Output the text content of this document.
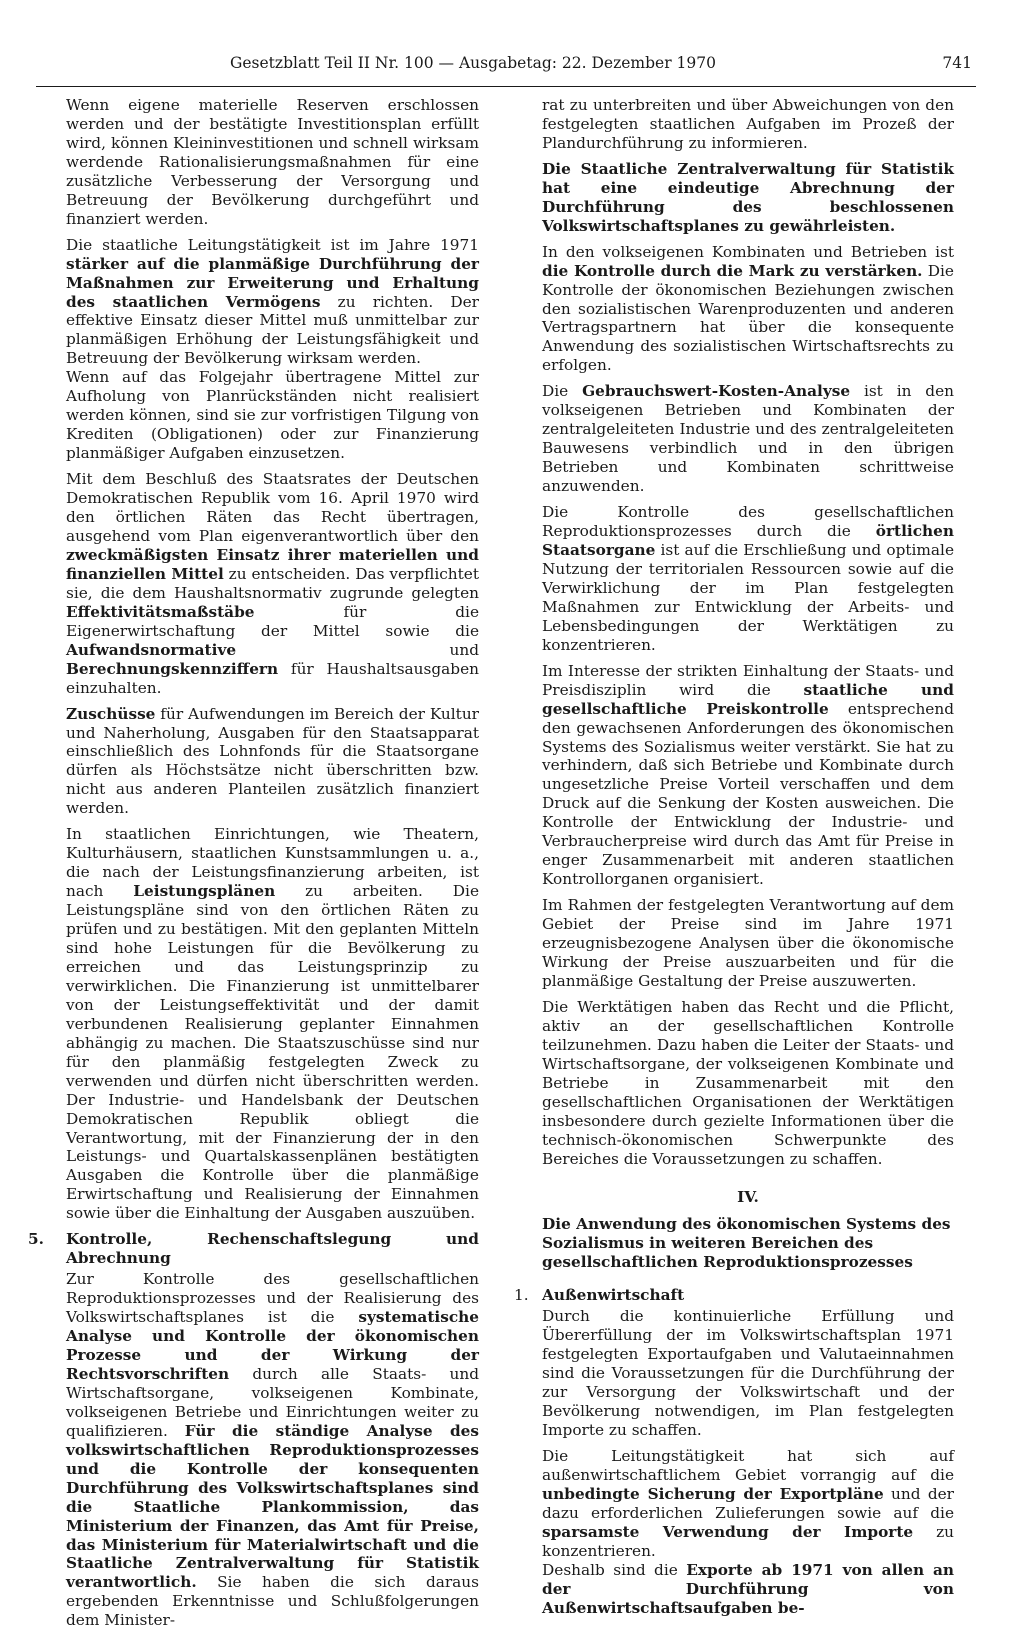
Gesetzblatt Teil II Nr. 100 — Ausgabetag: 22. Dezember 1970	741

Wenn eigene materielle Reserven erschlossen werden und der bestätigte Investitionsplan erfüllt wird, können Kleininvestitionen und schnell wirksam werdende Rationalisierungsmaßnahmen für eine zusätzliche Verbesserung der Versorgung und Betreuung der Bevölkerung durchgeführt und finanziert werden.

Die staatliche Leitungstätigkeit ist im Jahre 1971 stärker auf die planmäßige Durchführung der Maßnahmen zur Erweiterung und Erhaltung des staatlichen Vermögens zu richten. Der effektive Einsatz dieser Mittel muß unmittelbar zur planmäßigen Erhöhung der Leistungsfähigkeit und Betreuung der Bevölkerung wirksam werden.

Wenn auf das Folgejahr übertragene Mittel zur Aufholung von Planrückständen nicht realisiert werden können, sind sie zur vorfristigen Tilgung von Krediten (Obligationen) oder zur Finanzierung planmäßiger Aufgaben einzusetzen.

Mit dem Beschluß des Staatsrates der Deutschen Demokratischen Republik vom 16. April 1970 wird den örtlichen Räten das Recht übertragen, ausgehend vom Plan eigenverantwortlich über den zweckmäßigsten Einsatz ihrer materiellen und finanziellen Mittel zu entscheiden. Das verpflichtet sie, die dem Haushaltsnormativ zugrunde gelegten Effektivitätsmaßstäbe für die Eigenerwirtschaftung der Mittel sowie die Aufwandsnormative und Berechnungskennziffern für Haushaltsausgaben einzuhalten.

Zuschüsse für Aufwendungen im Bereich der Kultur und Naherholung, Ausgaben für den Staatsapparat einschließlich des Lohnfonds für die Staatsorgane dürfen als Höchstsätze nicht überschritten bzw. nicht aus anderen Planteilen zusätzlich finanziert werden.

In staatlichen Einrichtungen, wie Theatern, Kulturhäusern, staatlichen Kunstsammlungen u. a., die nach der Leistungsfinanzierung arbeiten, ist nach Leistungsplänen zu arbeiten. Die Leistungspläne sind von den örtlichen Räten zu prüfen und zu bestätigen. Mit den geplanten Mitteln sind hohe Leistungen für die Bevölkerung zu erreichen und das Leistungsprinzip zu verwirklichen. Die Finanzierung ist unmittelbarer von der Leistungseffektivität und der damit verbundenen Realisierung geplanter Einnahmen abhängig zu machen. Die Staatszuschüsse sind nur für den planmäßig festgelegten Zweck zu verwenden und dürfen nicht überschritten werden. Der Industrie- und Handelsbank der Deutschen Demokratischen Republik obliegt die Verantwortung, mit der Finanzierung der in den Leistungs- und Quartalskassenplänen bestätigten Ausgaben die Kontrolle über die planmäßige Erwirtschaftung und Realisierung der Einnahmen sowie über die Einhaltung der Ausgaben auszuüben.

5. Kontrolle, Rechenschaftslegung und Abrechnung

Zur Kontrolle des gesellschaftlichen Reproduktionsprozesses und der Realisierung des Volkswirtschaftsplanes ist die systematische Analyse und Kontrolle der ökonomischen Prozesse und der Wirkung der Rechtsvorschriften durch alle Staats- und Wirtschaftsorgane, volkseigenen Kombinate, volkseigenen Betriebe und Einrichtungen weiter zu qualifizieren. Für die ständige Analyse des volkswirtschaftlichen Reproduktionsprozesses und die Kontrolle der konsequenten Durchführung des Volkswirtschaftsplanes sind die Staatliche Plankommission, das Ministerium der Finanzen, das Amt für Preise, das Ministerium für Materialwirtschaft und die Staatliche Zentralverwaltung für Statistik verantwortlich. Sie haben die sich daraus ergebenden Erkenntnisse und Schlußfolgerungen dem Minister-

rat zu unterbreiten und über Abweichungen von den festgelegten staatlichen Aufgaben im Prozeß der Plandurchführung zu informieren.

Die Staatliche Zentralverwaltung für Statistik hat eine eindeutige Abrechnung der Durchführung des beschlossenen Volkswirtschaftsplanes zu gewährleisten.

In den volkseigenen Kombinaten und Betrieben ist die Kontrolle durch die Mark zu verstärken. Die Kontrolle der ökonomischen Beziehungen zwischen den sozialistischen Warenproduzenten und anderen Vertragspartnern hat über die konsequente Anwendung des sozialistischen Wirtschaftsrechts zu erfolgen.

Die Gebrauchswert-Kosten-Analyse ist in den volkseigenen Betrieben und Kombinaten der zentralgeleiteten Industrie und des zentralgeleiteten Bauwesens verbindlich und in den übrigen Betrieben und Kombinaten schrittweise anzuwenden.

Die Kontrolle des gesellschaftlichen Reproduktionsprozesses durch die örtlichen Staatsorgane ist auf die Erschließung und optimale Nutzung der territorialen Ressourcen sowie auf die Verwirklichung der im Plan festgelegten Maßnahmen zur Entwicklung der Arbeits- und Lebensbedingungen der Werktätigen zu konzentrieren.

Im Interesse der strikten Einhaltung der Staats- und Preisdisziplin wird die staatliche und gesellschaftliche Preiskontrolle entsprechend den gewachsenen Anforderungen des ökonomischen Systems des Sozialismus weiter verstärkt. Sie hat zu verhindern, daß sich Betriebe und Kombinate durch ungesetzliche Preise Vorteil verschaffen und dem Druck auf die Senkung der Kosten ausweichen. Die Kontrolle der Entwicklung der Industrie- und Verbraucherpreise wird durch das Amt für Preise in enger Zusammenarbeit mit anderen staatlichen Kontrollorganen organisiert.

Im Rahmen der festgelegten Verantwortung auf dem Gebiet der Preise sind im Jahre 1971 erzeugnisbezogene Analysen über die ökonomische Wirkung der Preise auszuarbeiten und für die planmäßige Gestaltung der Preise auszuwerten.

Die Werktätigen haben das Recht und die Pflicht, aktiv an der gesellschaftlichen Kontrolle teilzunehmen. Dazu haben die Leiter der Staats- und Wirtschaftsorgane, der volkseigenen Kombinate und Betriebe in Zusammenarbeit mit den gesellschaftlichen Organisationen der Werktätigen insbesondere durch gezielte Informationen über die technisch-ökonomischen Schwerpunkte des Bereiches die Voraussetzungen zu schaffen.

IV.
Die Anwendung des ökonomischen Systems des Sozialismus in weiteren Bereichen des gesellschaftlichen Reproduktionsprozesses
1. Außenwirtschaft

Durch die kontinuierliche Erfüllung und Übererfüllung der im Volkswirtschaftsplan 1971 festgelegten Exportaufgaben und Valutaeinnahmen sind die Voraussetzungen für die Durchführung der zur Versorgung der Volkswirtschaft und der Bevölkerung notwendigen, im Plan festgelegten Importe zu schaffen.

Die Leitungstätigkeit hat sich auf außenwirtschaftlichem Gebiet vorrangig auf die unbedingte Sicherung der Exportpläne und der dazu erforderlichen Zulieferungen sowie auf die sparsamste Verwendung der Importe zu konzentrieren.

Deshalb sind die Exporte ab 1971 von allen an der Durchführung von Außenwirtschaftsaufgaben be-
